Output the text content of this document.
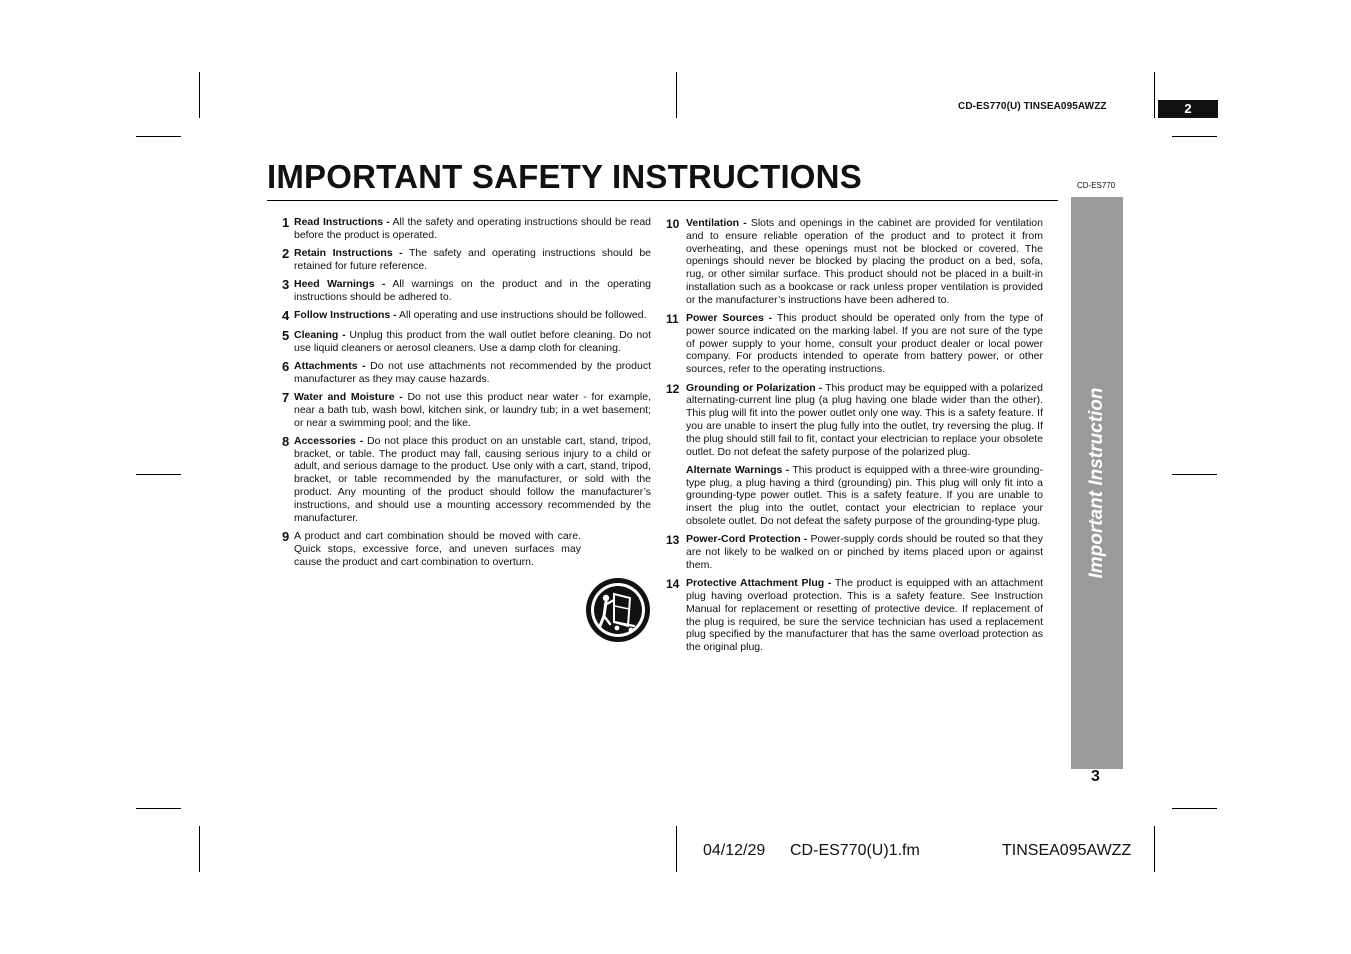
CD-ES770(U) TINSEA095AWZZ	2
IMPORTANT SAFETY INSTRUCTIONS	CD-ES770
Important Instruction
3
1 Read Instructions - All the safety and operating instructions should be read before the product is operated.
2 Retain Instructions - The safety and operating instructions should be retained for future reference.
3 Heed Warnings - All warnings on the product and in the operating instructions should be adhered to.
4 Follow Instructions - All operating and use instructions should be followed.
5 Cleaning - Unplug this product from the wall outlet before cleaning. Do not use liquid cleaners or aerosol cleaners. Use a damp cloth for cleaning.
6 Attachments - Do not use attachments not recommended by the product manufacturer as they may cause hazards.
7 Water and Moisture - Do not use this product near water - for example, near a bath tub, wash bowl, kitchen sink, or laundry tub; in a wet basement; or near a swimming pool; and the like.
8 Accessories - Do not place this product on an unstable cart, stand, tripod, bracket, or table. The product may fall, causing serious injury to a child or adult, and serious damage to the product. Use only with a cart, stand, tripod, bracket, or table recommended by the manufacturer, or sold with the product. Any mounting of the product should follow the manufacturer’s instructions, and should use a mounting accessory recommended by the manufacturer.
9 A product and cart combination should be moved with care. Quick stops, excessive force, and uneven surfaces may cause the product and cart combination to overturn.
10 Ventilation - Slots and openings in the cabinet are provided for ventilation and to ensure reliable operation of the product and to protect it from overheating, and these openings must not be blocked or covered. The openings should never be blocked by placing the product on a bed, sofa, rug, or other similar surface. This product should not be placed in a built-in installation such as a bookcase or rack unless proper ventilation is provided or the manufacturer’s instructions have been adhered to.
11 Power Sources - This product should be operated only from the type of power source indicated on the marking label. If you are not sure of the type of power supply to your home, consult your product dealer or local power company. For products intended to operate from battery power, or other sources, refer to the operating instructions.
12 Grounding or Polarization - This product may be equipped with a polarized alternating-current line plug (a plug having one blade wider than the other). This plug will fit into the power outlet only one way. This is a safety feature. If you are unable to insert the plug fully into the outlet, try reversing the plug. If the plug should still fail to fit, contact your electrician to replace your obsolete outlet. Do not defeat the safety purpose of the polarized plug.
Alternate Warnings - This product is equipped with a three-wire grounding-type plug, a plug having a third (grounding) pin. This plug will only fit into a grounding-type power outlet. This is a safety feature. If you are unable to insert the plug into the outlet, contact your electrician to replace your obsolete outlet. Do not defeat the safety purpose of the grounding-type plug.
13 Power-Cord Protection - Power-supply cords should be routed so that they are not likely to be walked on or pinched by items placed upon or against them.
14 Protective Attachment Plug - The product is equipped with an attachment plug having overload protection. This is a safety feature. See Instruction Manual for replacement or resetting of protective device. If replacement of the plug is required, be sure the service technician has used a replacement plug specified by the manufacturer that has the same overload protection as the original plug.
04/12/29 CD-ES770(U)1.fm	TINSEA095AWZZ
